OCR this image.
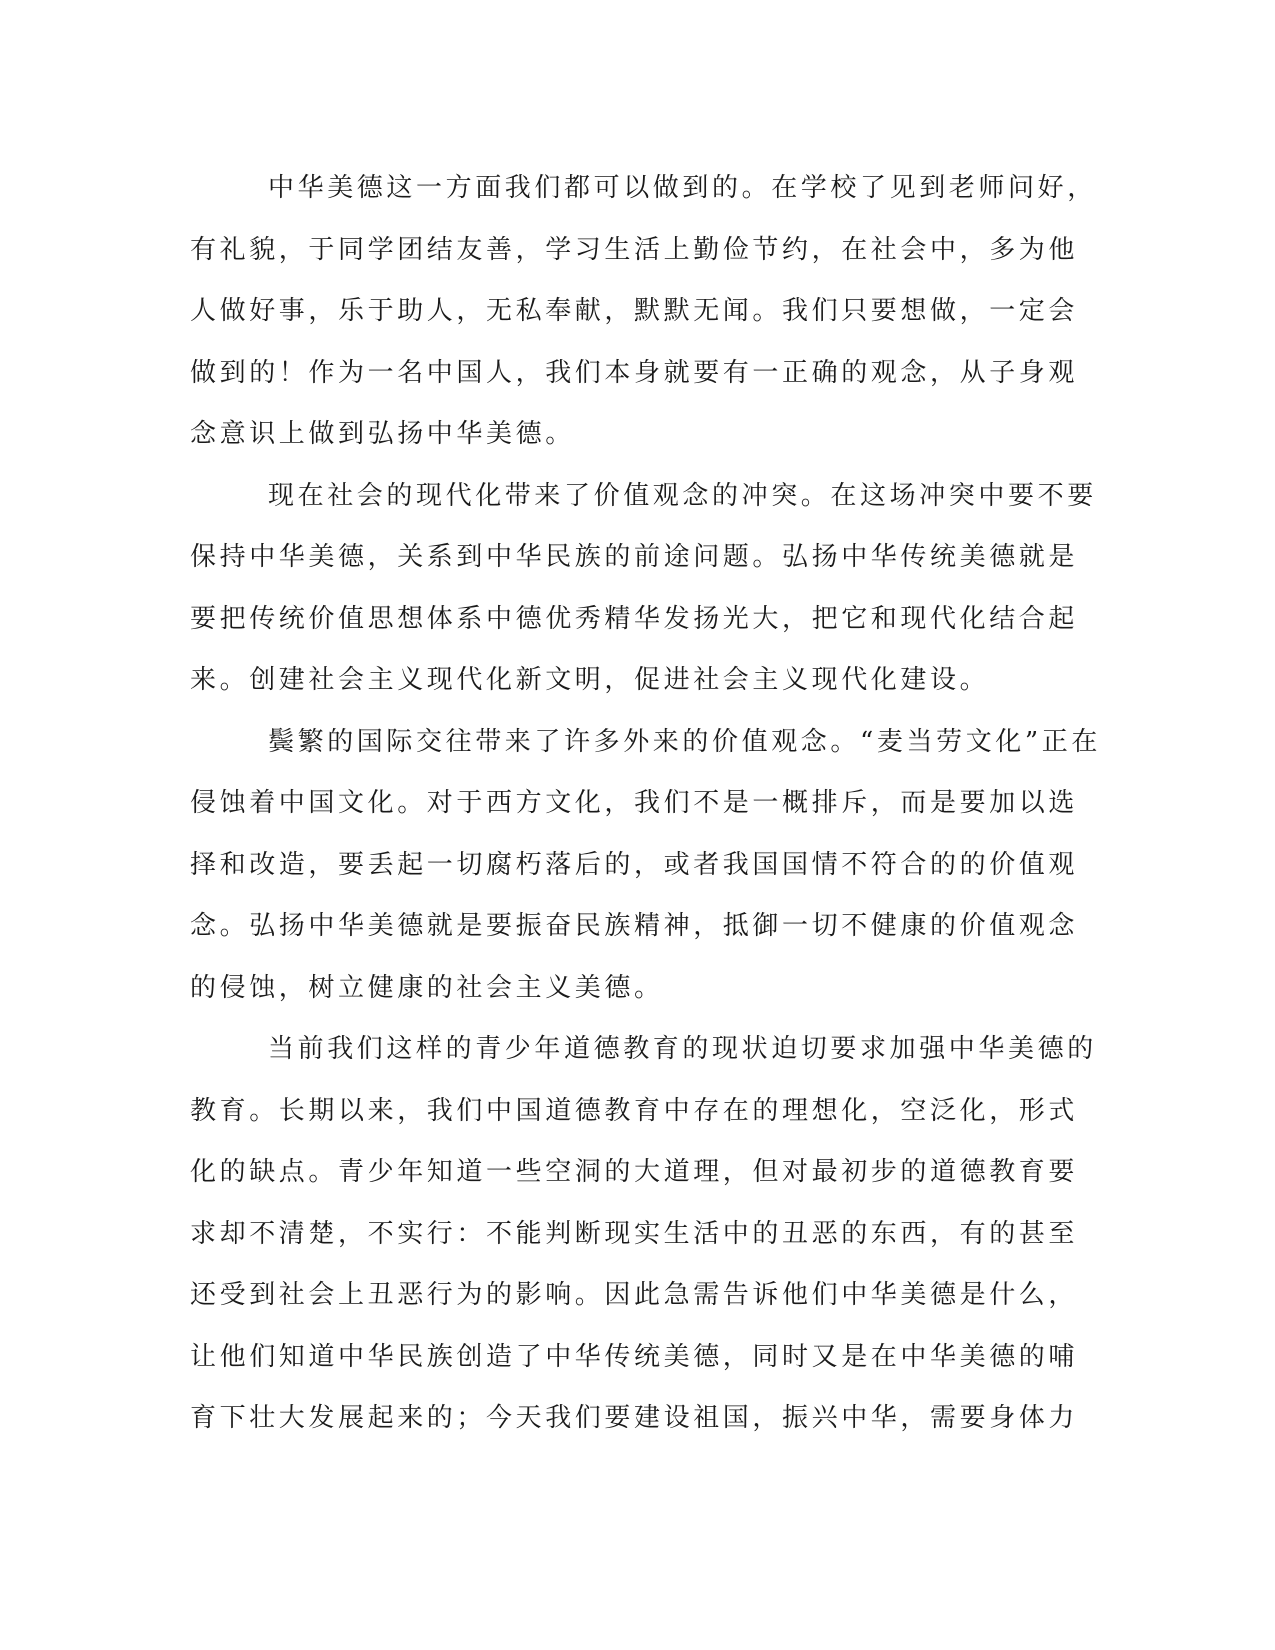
中华美德这一方面我们都可以做到的。在学校了见到老师问好，
有礼貌，于同学团结友善，学习生活上勤俭节约，在社会中，多为他
人做好事，乐于助人，无私奉献，默默无闻。我们只要想做，一定会
做到的！作为一名中国人，我们本身就要有一正确的观念，从子身观
念意识上做到弘扬中华美德。
现在社会的现代化带来了价值观念的冲突。在这场冲突中要不要
保持中华美德，关系到中华民族的前途问题。弘扬中华传统美德就是
要把传统价值思想体系中德优秀精华发扬光大，把它和现代化结合起
来。创建社会主义现代化新文明，促进社会主义现代化建设。
鬓繁的国际交往带来了许多外来的价值观念。“麦当劳文化”正在
侵蚀着中国文化。对于西方文化，我们不是一概排斥，而是要加以选
择和改造，要丢起一切腐朽落后的，或者我国国情不符合的的价值观
念。弘扬中华美德就是要振奋民族精神，抵御一切不健康的价值观念
的侵蚀，树立健康的社会主义美德。
当前我们这样的青少年道德教育的现状迫切要求加强中华美德的
教育。长期以来，我们中国道德教育中存在的理想化，空泛化，形式
化的缺点。青少年知道一些空洞的大道理，但对最初步的道德教育要
求却不清楚，不实行：不能判断现实生活中的丑恶的东西，有的甚至
还受到社会上丑恶行为的影响。因此急需告诉他们中华美德是什么，
让他们知道中华民族创造了中华传统美德，同时又是在中华美德的哺
育下壮大发展起来的；今天我们要建设祖国，振兴中华，需要身体力
